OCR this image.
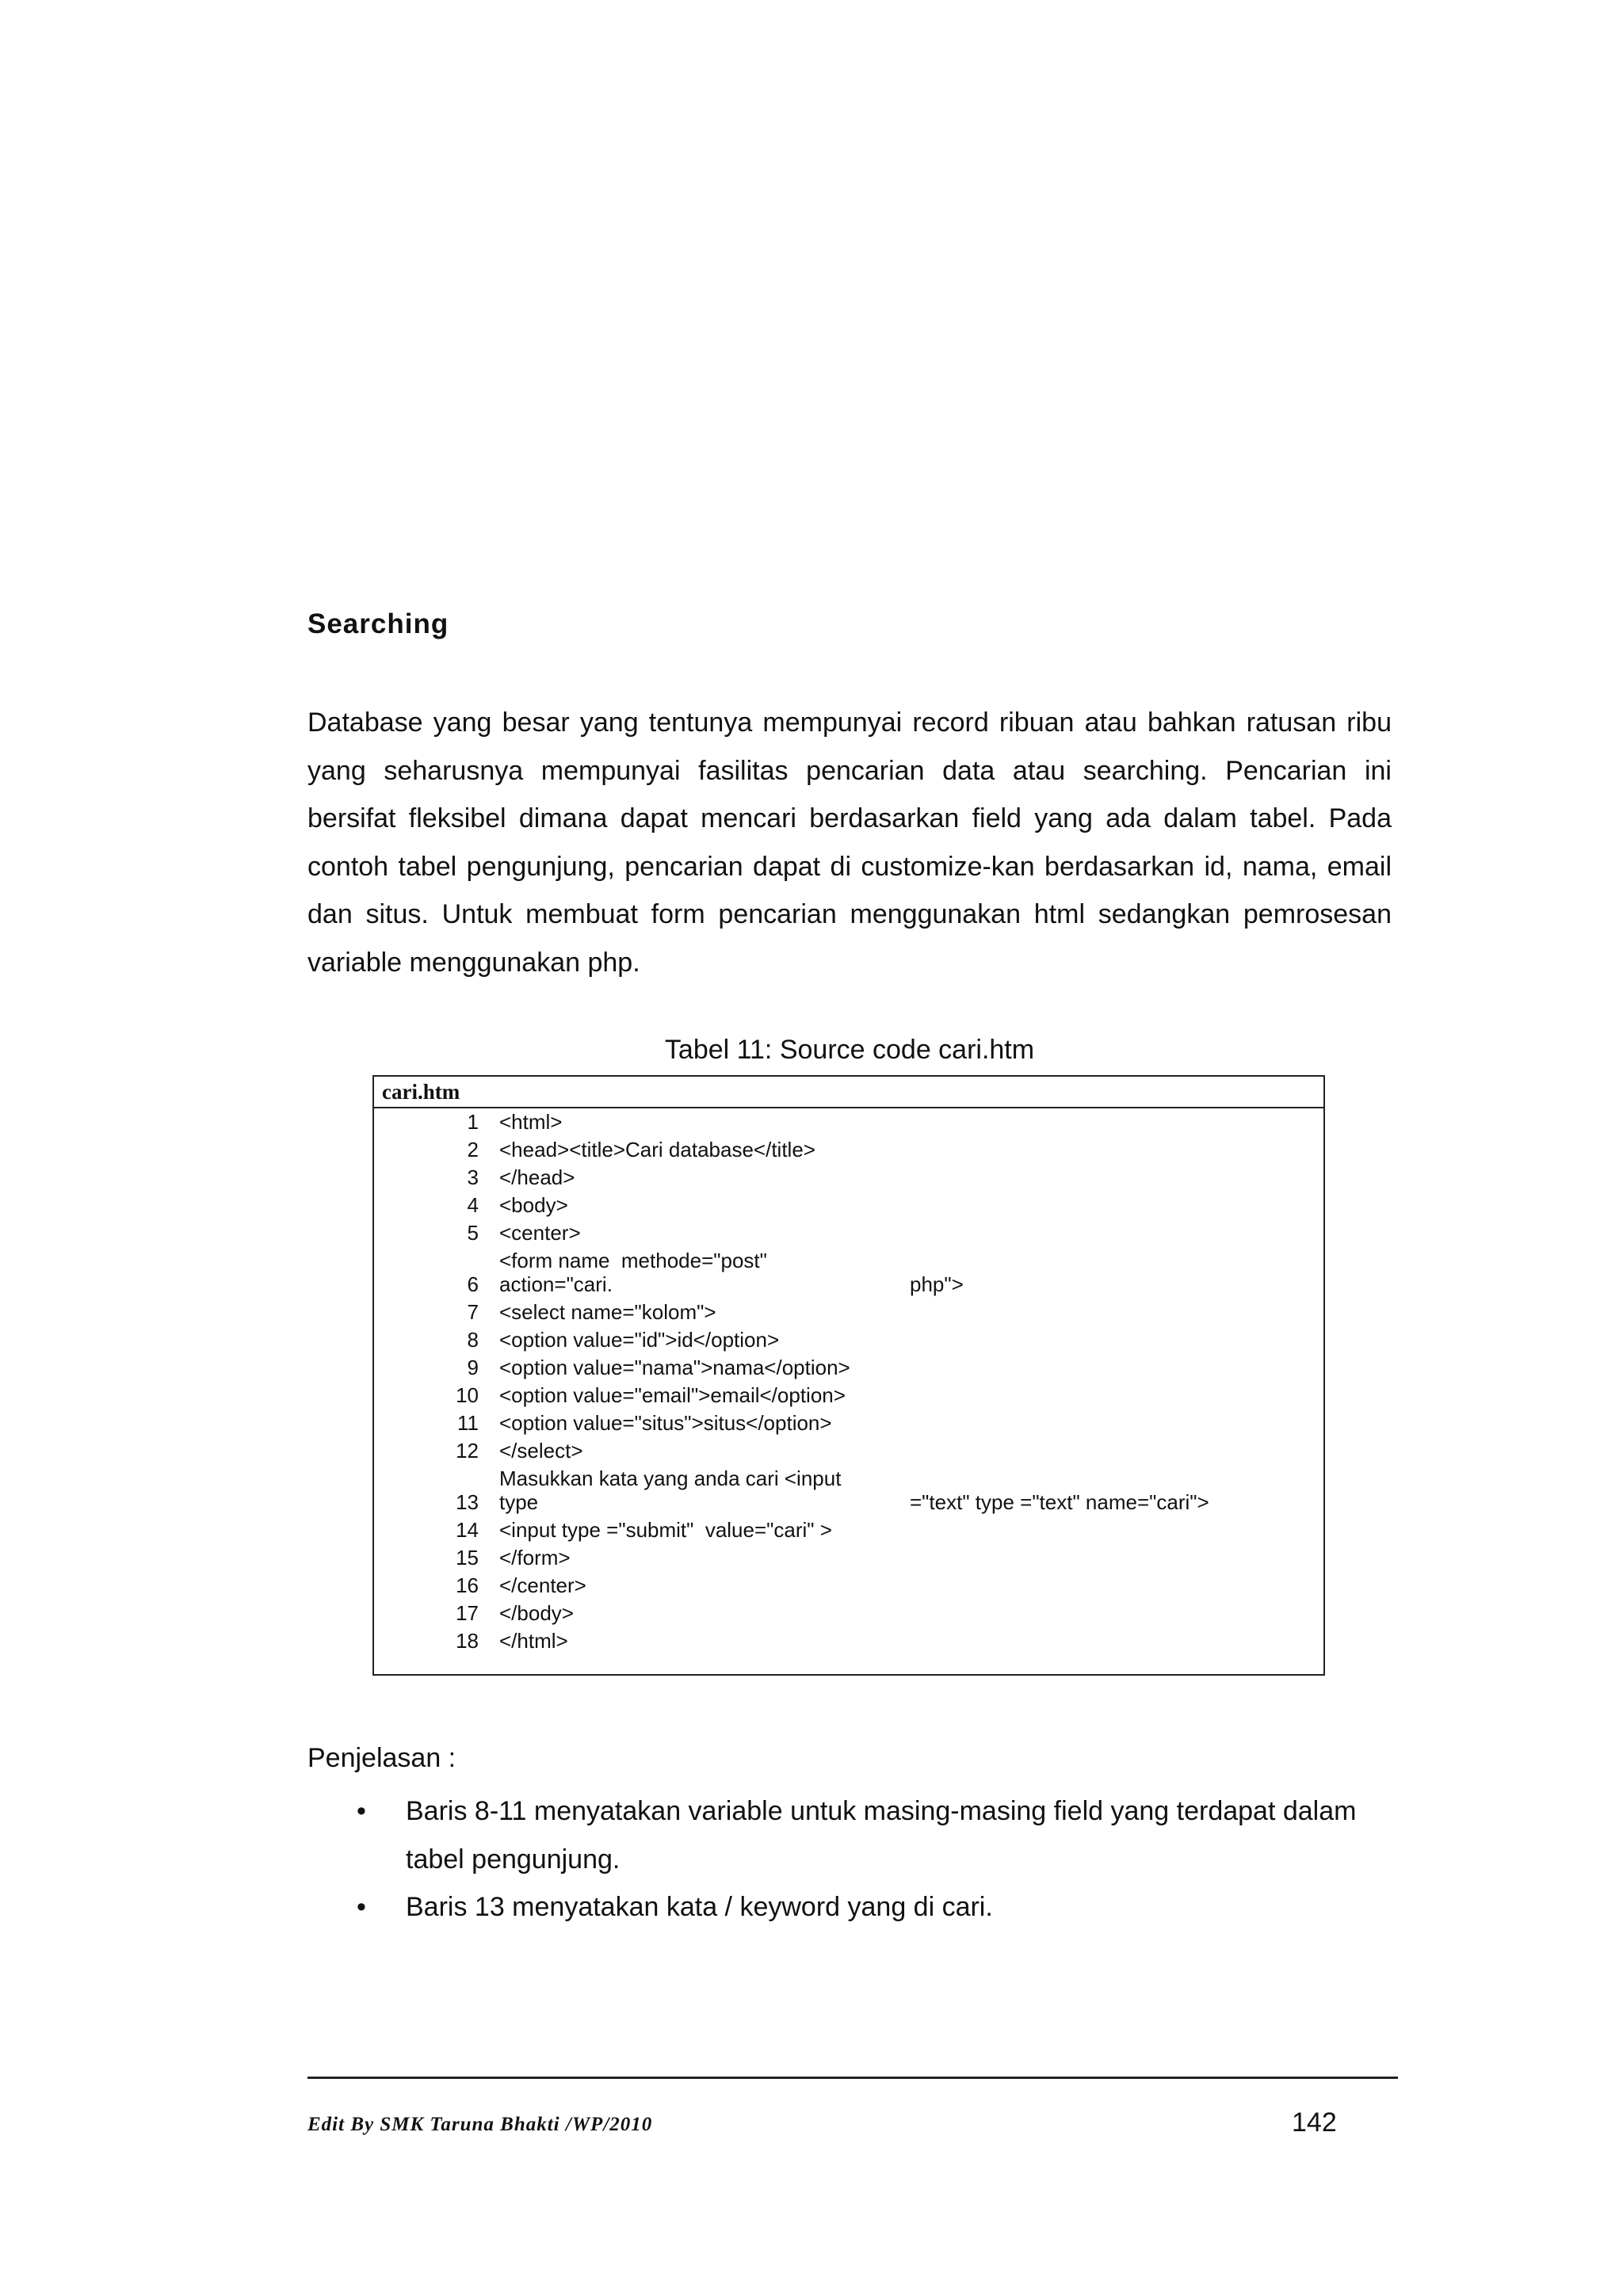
Searching
Database yang besar yang tentunya mempunyai record ribuan atau bahkan ratusan ribu yang seharusnya mempunyai fasilitas pencarian data atau searching. Pencarian ini bersifat fleksibel dimana dapat mencari berdasarkan field yang ada dalam tabel. Pada contoh tabel pengunjung, pencarian dapat di customize-kan berdasarkan id, nama, email dan situs. Untuk membuat form pencarian menggunakan html sedangkan pemrosesan variable menggunakan php.
Tabel 11: Source code cari.htm
cari.htm
1 <html>
2 <head><title>Cari database</title>
3 </head>
4 <body>
5 <center>
<form name  methode="post"
6 action="cari.	php">
7 <select name="kolom">
8 <option value="id">id</option>
9 <option value="nama">nama</option>
10 <option value="email">email</option>
11 <option value="situs">situs</option>
12 </select>
Masukkan kata yang anda cari <input
13 type	="text" type ="text" name="cari">
14 <input type ="submit"  value="cari" >
15 </form>
16 </center>
17 </body>
18 </html>
Penjelasan :
• Baris 8-11 menyatakan variable untuk masing-masing field yang terdapat dalam tabel pengunjung.
• Baris 13 menyatakan kata / keyword yang di cari.
Edit By SMK Taruna Bhakti /WP/2010	142
